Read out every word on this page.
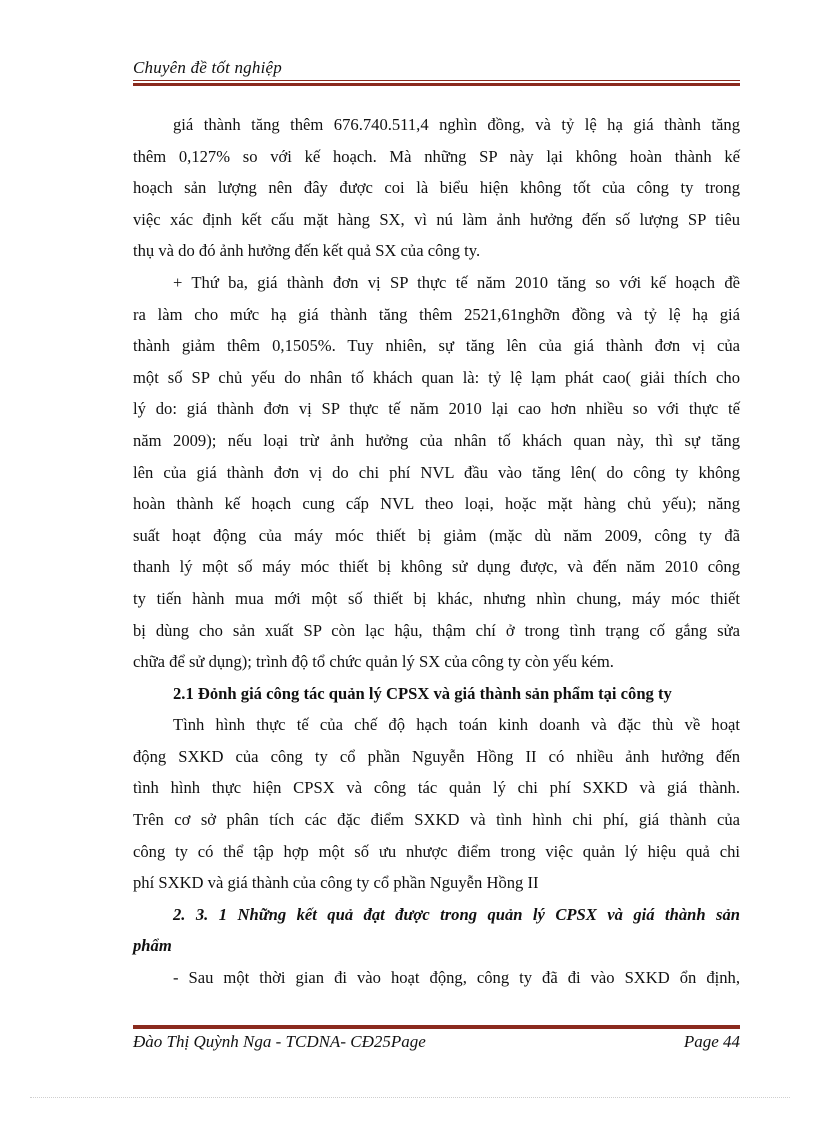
Chuyên đề tốt nghiệp

giá thành tăng thêm 676.740.511,4 nghìn đồng, và tỷ lệ hạ giá thành tăng

thêm 0,127% so với kế hoạch. Mà những SP này lại không hoàn thành kế

hoạch sản lượng nên đây được coi là biểu hiện không tốt của công ty trong

việc xác định kết cấu mặt hàng SX, vì nú làm ảnh hưởng đến số lượng SP tiêu

thụ và do đó ảnh hưởng đến kết quả SX của công ty.

+ Thứ ba, giá thành đơn vị SP thực tế năm 2010 tăng so với kế hoạch đề

ra làm cho mức hạ giá thành tăng thêm 2521,61nghỡn đồng và tỷ lệ hạ giá

thành giảm thêm 0,1505%. Tuy nhiên, sự tăng lên của giá thành đơn vị của

một số SP chủ yếu do nhân tố khách quan là: tỷ lệ lạm phát cao( giải thích cho

lý do: giá thành đơn vị SP thực tế năm 2010 lại cao hơn nhiều so với thực tế

năm 2009); nếu loại trừ ảnh hưởng của nhân tố khách quan này, thì sự tăng

lên của giá thành đơn vị do chi phí NVL đầu vào tăng lên( do công ty không

hoàn thành kế hoạch cung cấp NVL theo loại, hoặc mặt hàng chủ yếu); năng

suất hoạt động của máy móc thiết bị giảm (mặc dù năm 2009, công ty đã

thanh lý một số máy móc thiết bị không sử dụng được, và đến năm 2010 công

ty tiến hành mua mới một số thiết bị khác, nhưng nhìn chung, máy móc thiết

bị dùng cho sản xuất SP còn lạc hậu, thậm chí ở trong tình trạng cố gắng sửa

chữa để sử dụng); trình độ tổ chức quản lý SX của công ty còn yếu kém.

2.1 Đỏnh giá công tác quản lý CPSX và giá thành sản phẩm tại công ty

Tình hình thực tế của chế độ hạch toán kinh doanh và đặc thù về hoạt

động SXKD của công ty cổ phần Nguyễn Hồng II có nhiều ảnh hưởng đến

tình hình thực hiện CPSX và công tác quản lý chi phí SXKD và giá thành.

Trên cơ sở phân tích các đặc điểm SXKD và tình hình chi phí, giá thành của

công ty có thể tập hợp một số ưu nhược điểm trong việc quản lý hiệu quả chi

phí SXKD và giá thành của công ty cổ phần Nguyễn Hồng II

2. 3. 1 Những kết quả đạt được trong quản lý CPSX và giá thành sản

phẩm

- Sau một thời gian đi vào hoạt động, công ty đã đi vào SXKD ổn định,

Đào Thị Quỳnh Nga - TCDNA- CĐ25Page	Page 44
